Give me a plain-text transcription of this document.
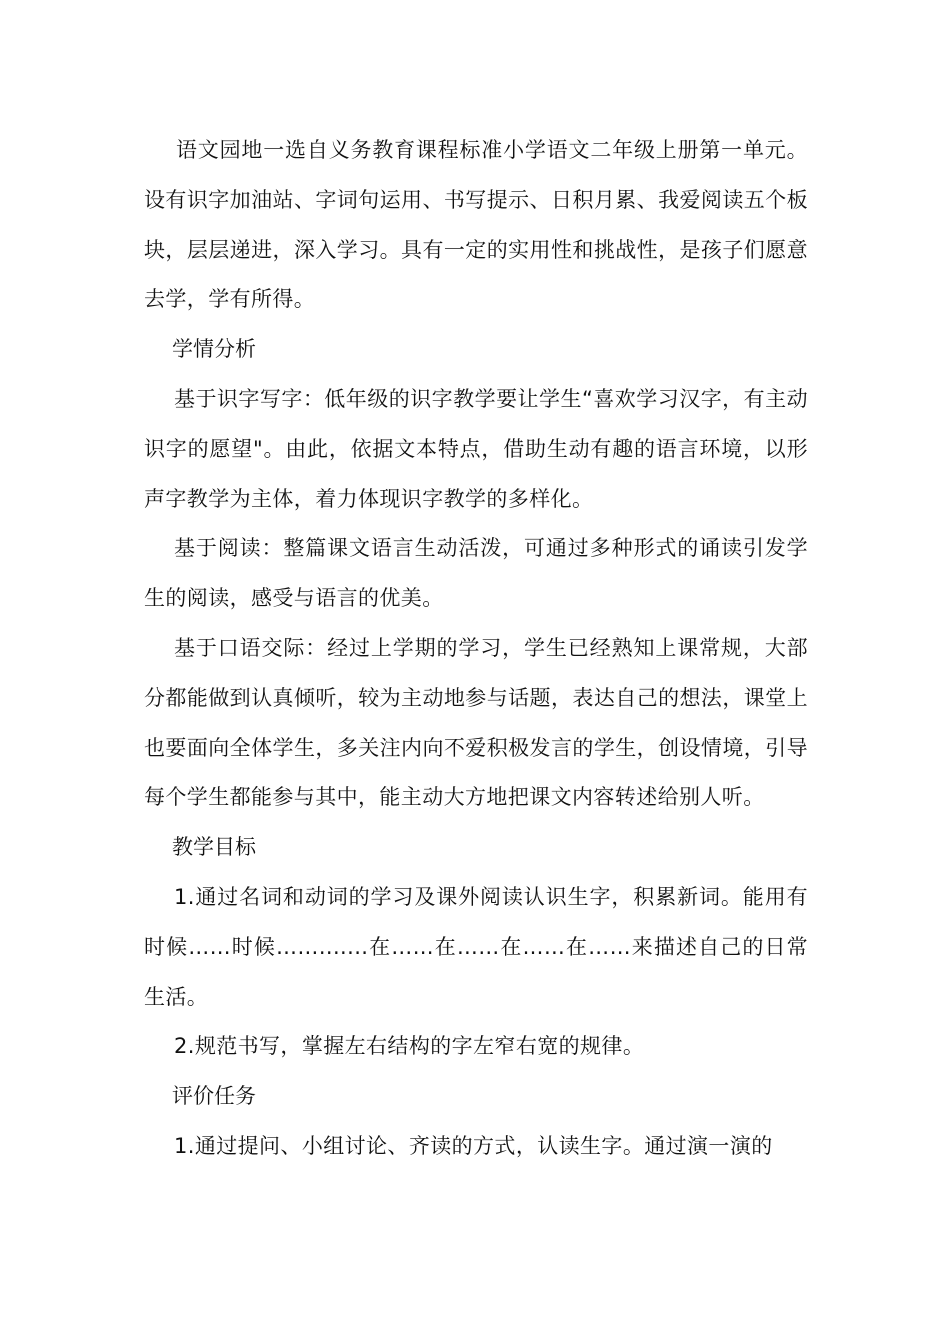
语文园地一选自义务教育课程标准小学语文二年级上册第一单元。设有识字加油站、字词句运用、书写提示、日积月累、我爱阅读五个板块，层层递进，深入学习。具有一定的实用性和挑战性，是孩子们愿意去学，学有所得。

学情分析

基于识字写字：低年级的识字教学要让学生“喜欢学习汉字，有主动识字的愿望"。由此，依据文本特点，借助生动有趣的语言环境，以形声字教学为主体，着力体现识字教学的多样化。

基于阅读：整篇课文语言生动活泼，可通过多种形式的诵读引发学生的阅读，感受与语言的优美。

基于口语交际：经过上学期的学习，学生已经熟知上课常规，大部分都能做到认真倾听，较为主动地参与话题，表达自己的想法，课堂上也要面向全体学生，多关注内向不爱积极发言的学生，创设情境，引导每个学生都能参与其中，能主动大方地把课文内容转述给别人听。

教学目标

1.通过名词和动词的学习及课外阅读认识生字，积累新词。能用有时候……时候…….......在……在……在……在……来描述自己的日常生活。

2.规范书写，掌握左右结构的字左窄右宽的规律。

评价任务

1.通过提问、小组讨论、齐读的方式，认读生字。通过演一演的
